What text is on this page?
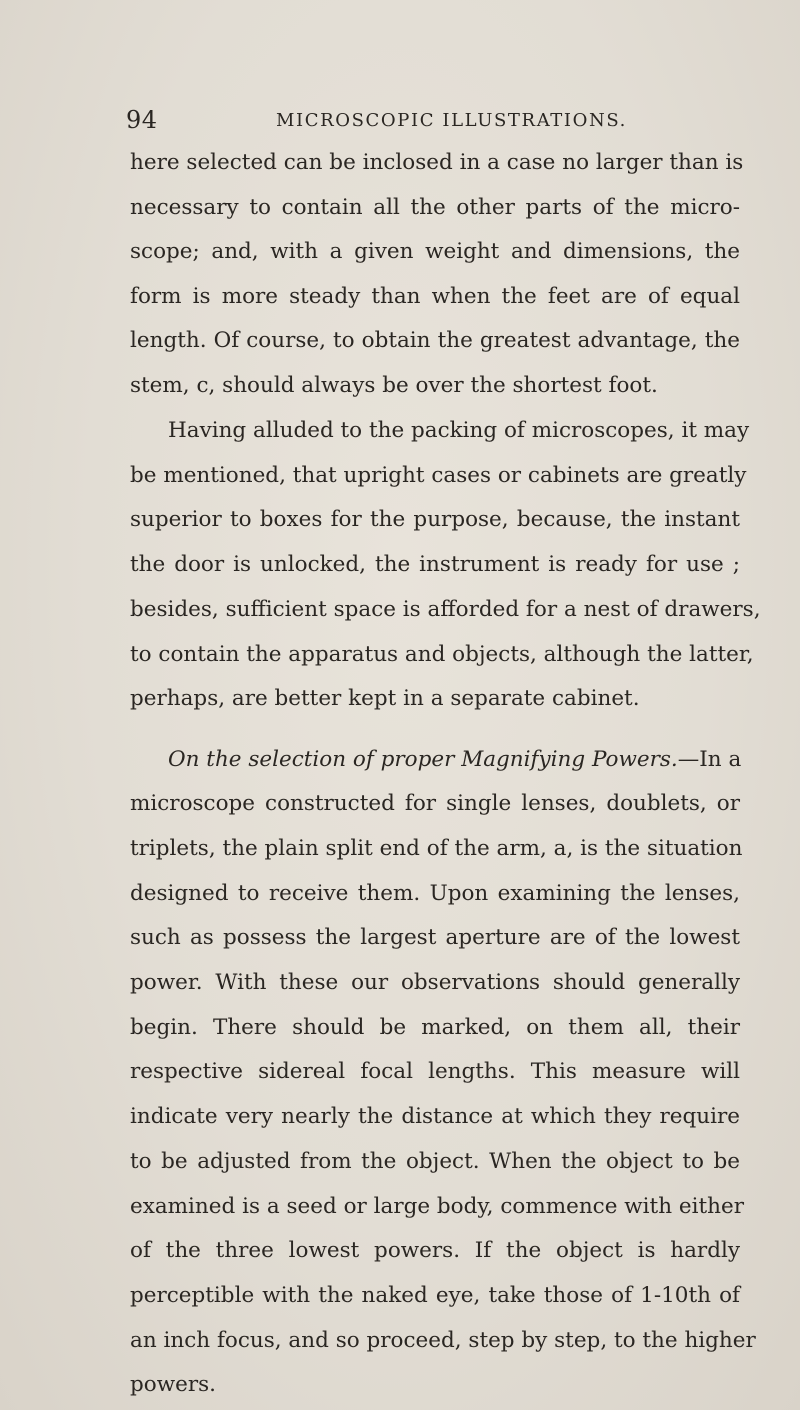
94	MICROSCOPIC ILLUSTRATIONS.
here selected can be inclosed in a case no larger than is
necessary to contain all the other parts of the micro-
scope; and, with a given weight and dimensions, the
form is more steady than when the feet are of equal
length. Of course, to obtain the greatest advantage, the
stem, c, should always be over the shortest foot.
Having alluded to the packing of microscopes, it may
be mentioned, that upright cases or cabinets are greatly
superior to boxes for the purpose, because, the instant
the door is unlocked, the instrument is ready for use ;
besides, sufficient space is afforded for a nest of drawers,
to contain the apparatus and objects, although the latter,
perhaps, are better kept in a separate cabinet.
On the selection of proper Magnifying Powers.—In a
microscope constructed for single lenses, doublets, or
triplets, the plain split end of the arm, a, is the situation
designed to receive them. Upon examining the lenses,
such as possess the largest aperture are of the lowest
power. With these our observations should generally
begin. There should be marked, on them all, their
respective sidereal focal lengths. This measure will
indicate very nearly the distance at which they require
to be adjusted from the object. When the object to be
examined is a seed or large body, commence with either
of the three lowest powers. If the object is hardly
perceptible with the naked eye, take those of 1-10th of
an inch focus, and so proceed, step by step, to the higher
powers.
